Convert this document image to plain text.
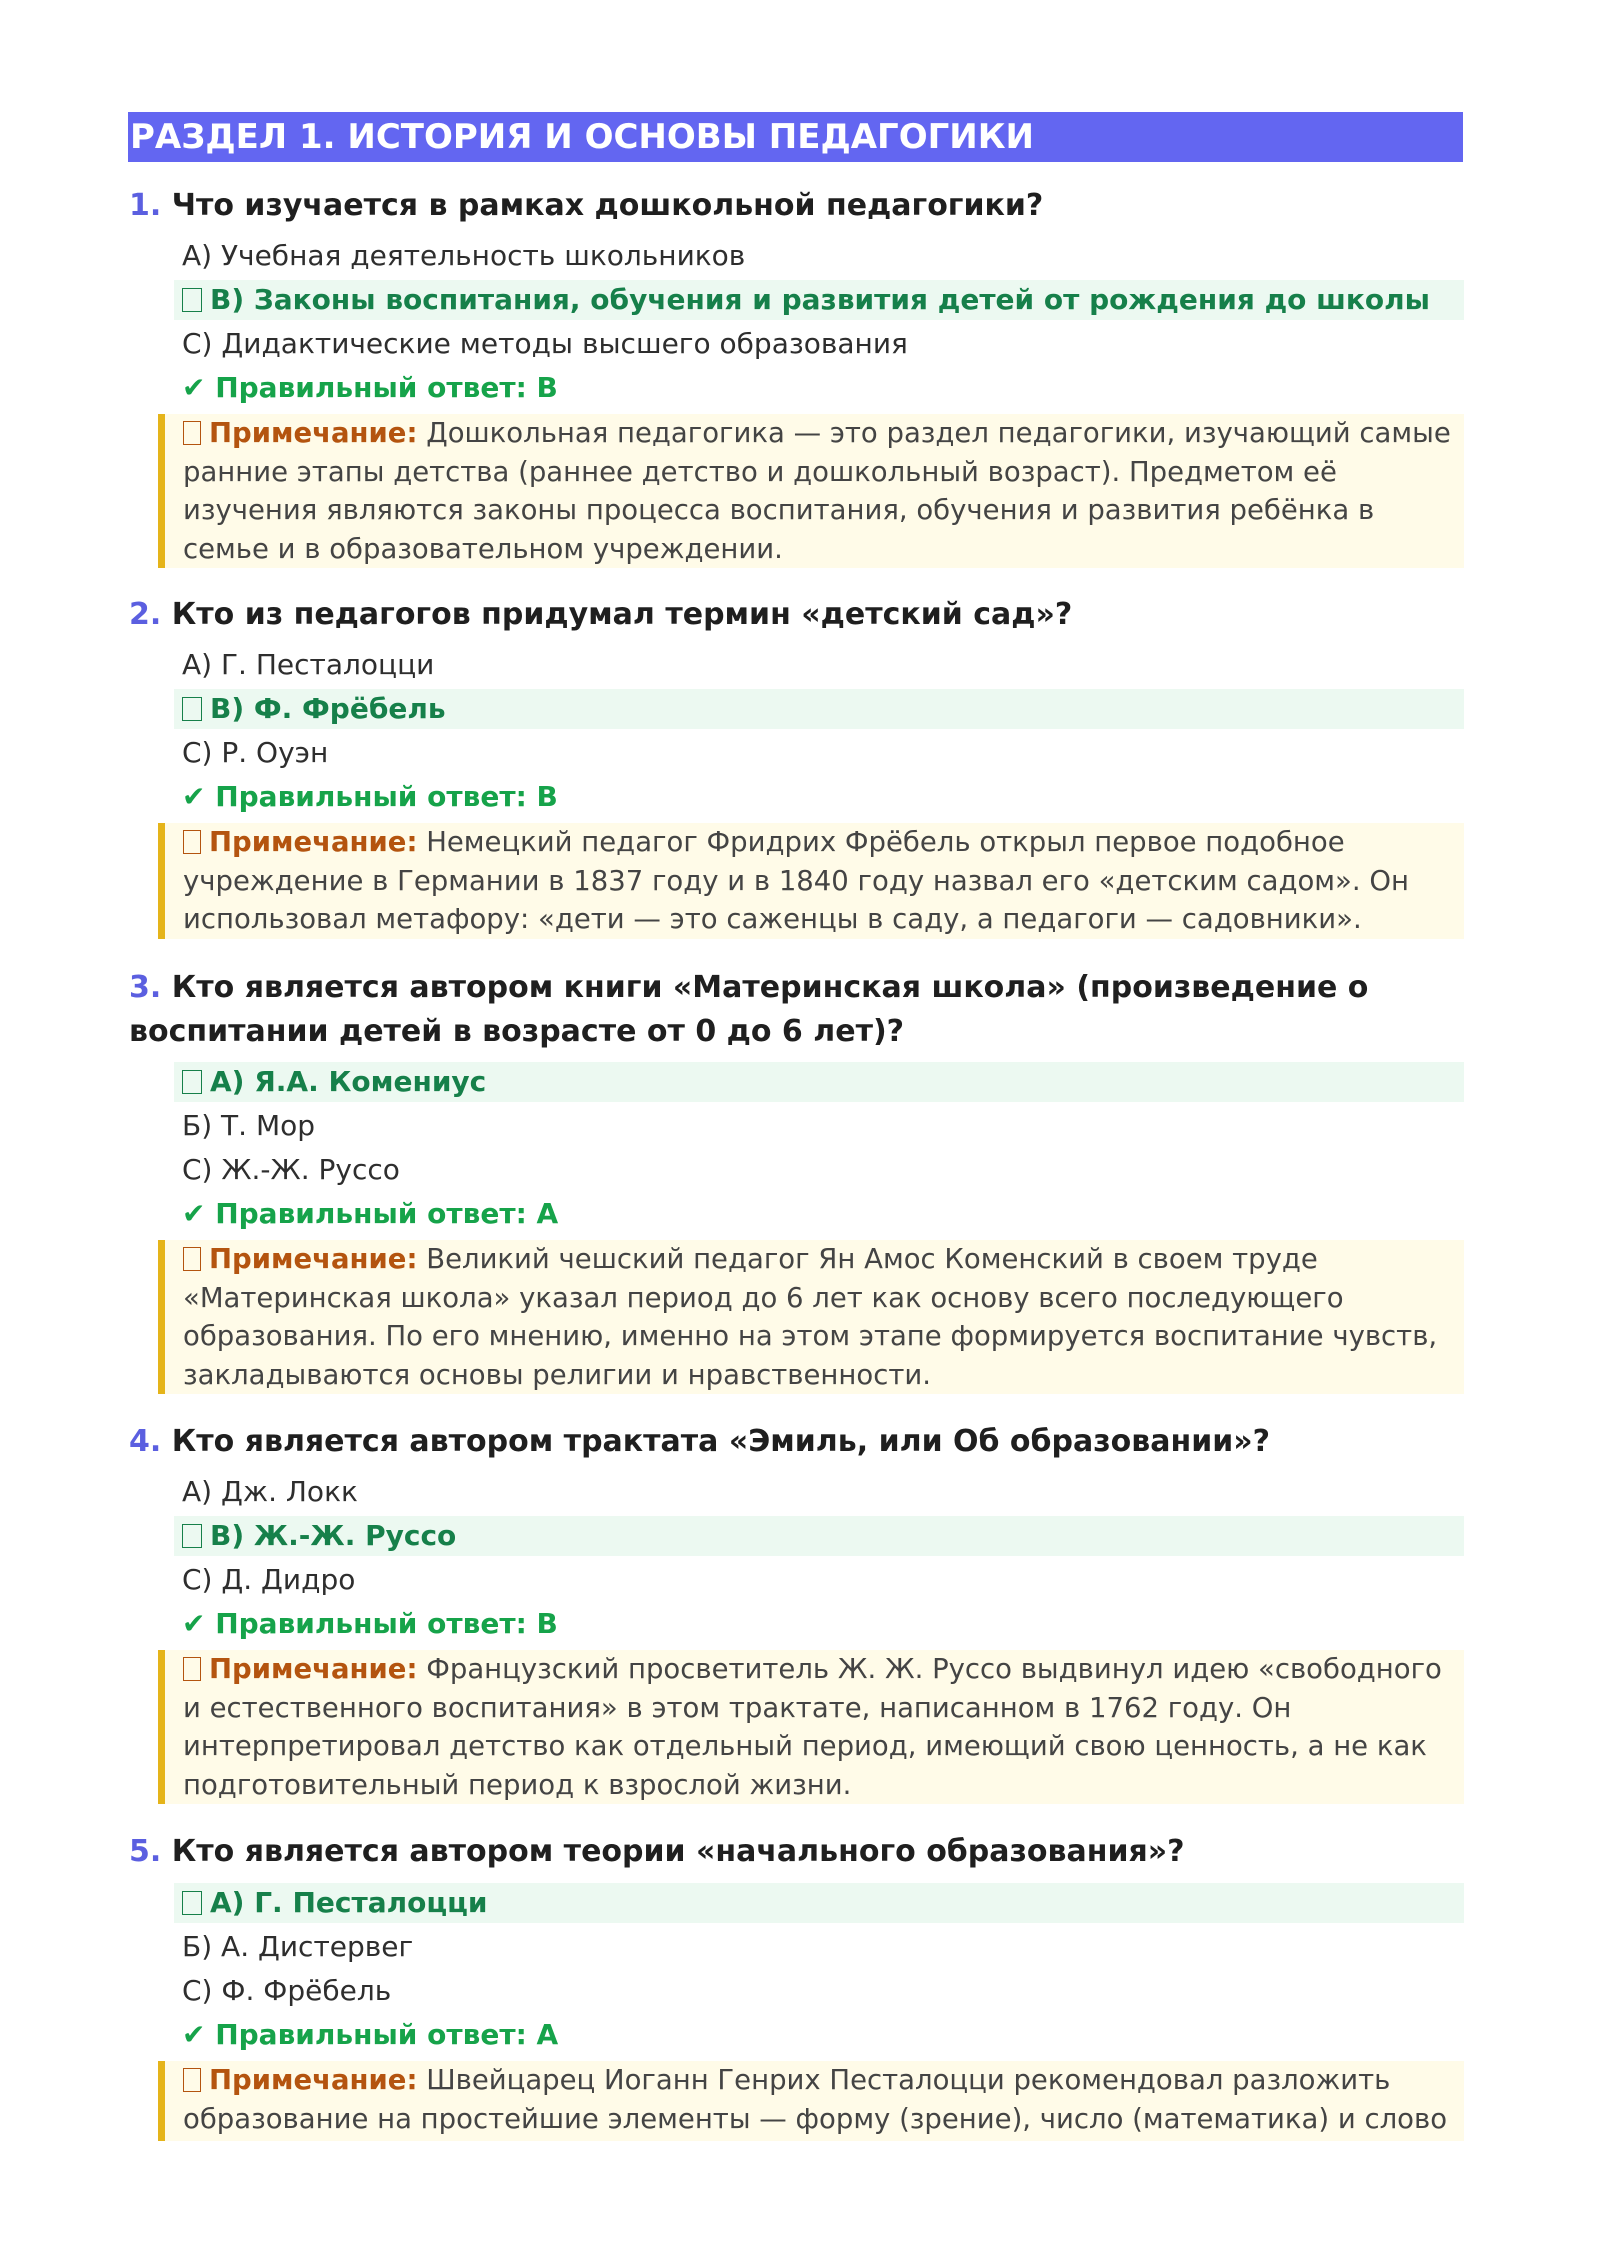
РАЗДЕЛ 1. ИСТОРИЯ И ОСНОВЫ ПЕДАГОГИКИ
1. Что изучается в рамках дошкольной педагогики?
A) Учебная деятельность школьников
B) Законы воспитания, обучения и развития детей от рождения до школы
C) Дидактические методы высшего образования
✔ Правильный ответ: B
Примечание: Дошкольная педагогика — это раздел педагогики, изучающий самые ранние этапы детства (раннее детство и дошкольный возраст). Предметом её изучения являются законы процесса воспитания, обучения и развития ребёнка в семье и в образовательном учреждении.
2. Кто из педагогов придумал термин «детский сад»?
A) Г. Песталоцци
B) Ф. Фрёбель
C) Р. Оуэн
✔ Правильный ответ: B
Примечание: Немецкий педагог Фридрих Фрёбель открыл первое подобное учреждение в Германии в 1837 году и в 1840 году назвал его «детским садом». Он использовал метафору: «дети — это саженцы в саду, а педагоги — садовники».
3. Кто является автором книги «Материнская школа» (произведение о воспитании детей в возрасте от 0 до 6 лет)?
A) Я.А. Комениус
Б) Т. Мор
C) Ж.-Ж. Руссо
✔ Правильный ответ: A
Примечание: Великий чешский педагог Ян Амос Коменский в своем труде «Материнская школа» указал период до 6 лет как основу всего последующего образования. По его мнению, именно на этом этапе формируется воспитание чувств, закладываются основы религии и нравственности.
4. Кто является автором трактата «Эмиль, или Об образовании»?
A) Дж. Локк
B) Ж.-Ж. Руссо
C) Д. Дидро
✔ Правильный ответ: B
Примечание: Французский просветитель Ж. Ж. Руссо выдвинул идею «свободного и естественного воспитания» в этом трактате, написанном в 1762 году. Он интерпретировал детство как отдельный период, имеющий свою ценность, а не как подготовительный период к взрослой жизни.
5. Кто является автором теории «начального образования»?
A) Г. Песталоцци
Б) А. Дистервег
C) Ф. Фрёбель
✔ Правильный ответ: A
Примечание: Швейцарец Иоганн Генрих Песталоцци рекомендовал разложить образование на простейшие элементы — форму (зрение), число (математика) и слово
